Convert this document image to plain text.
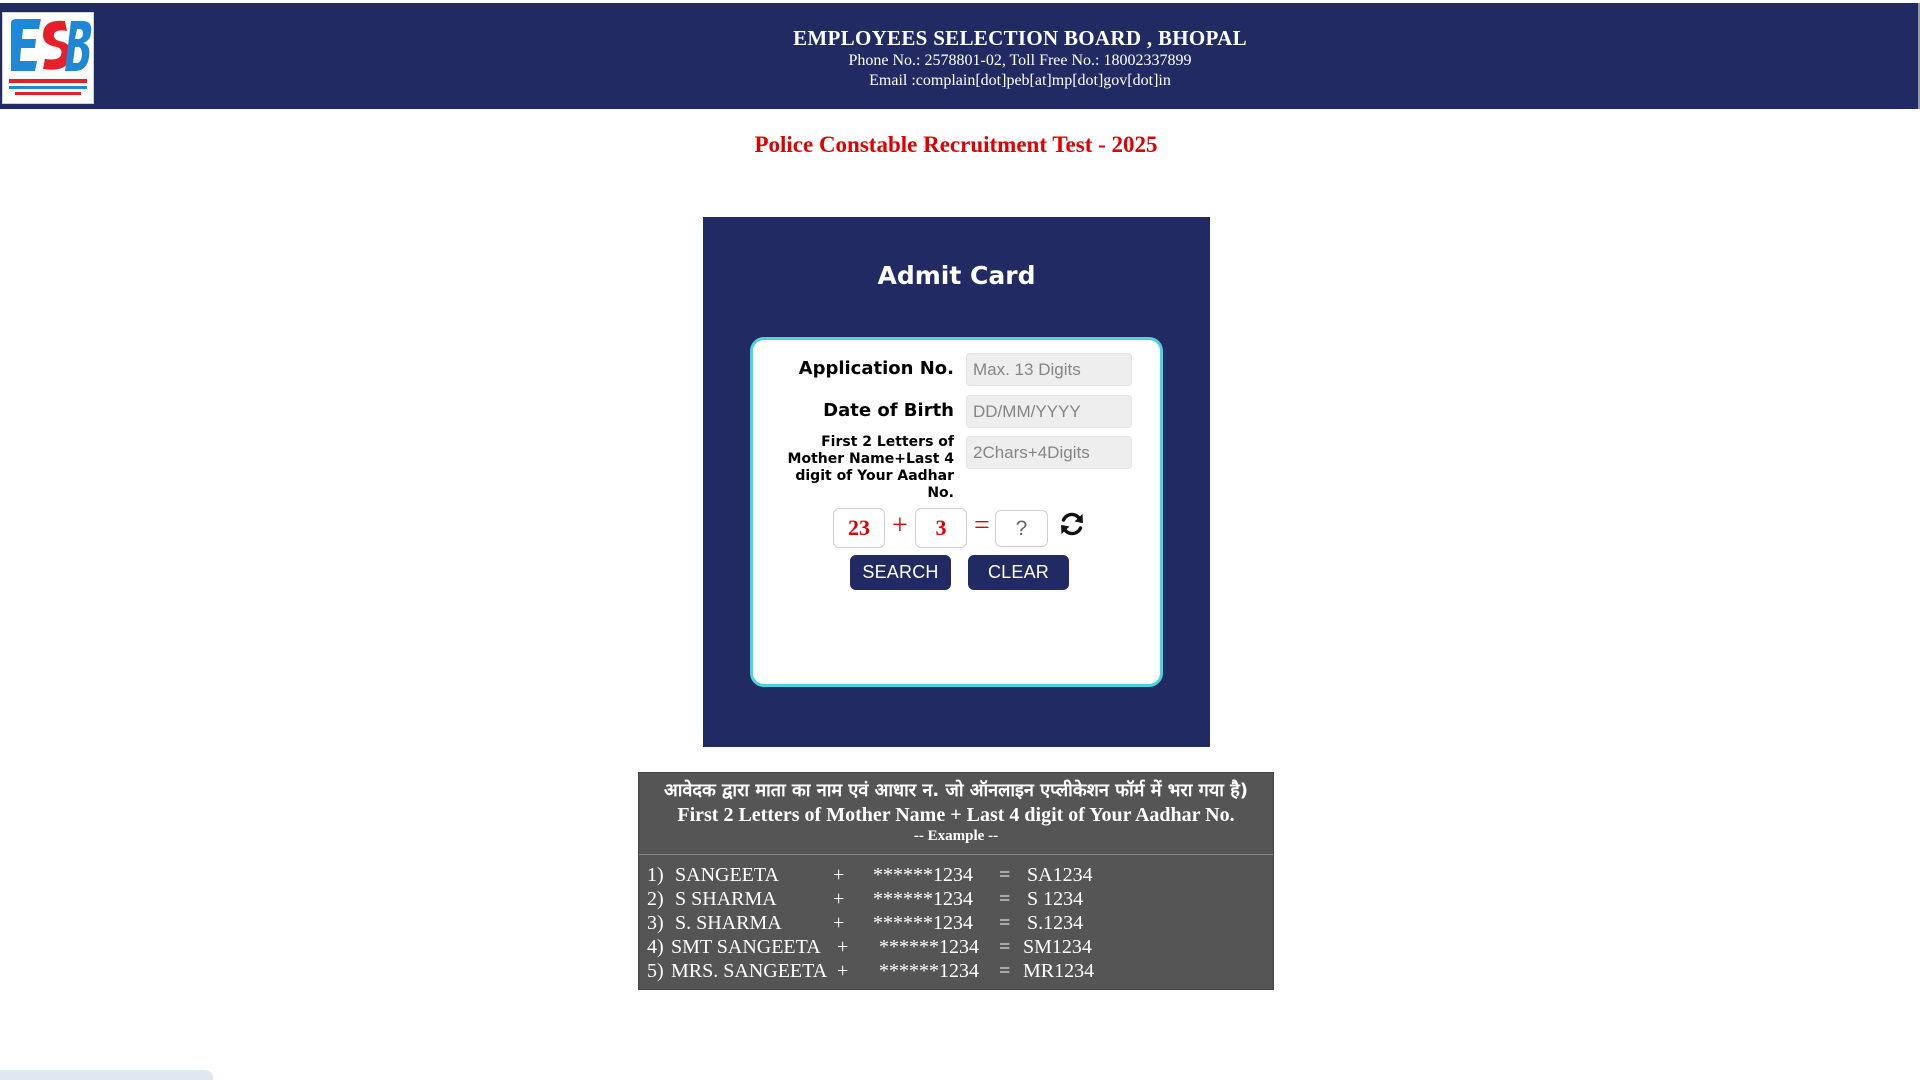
EMPLOYEES SELECTION BOARD , BHOPAL
Phone No.: 2578801-02, Toll Free No.: 18002337899
Email :complain[dot]peb[at]mp[dot]gov[dot]in
Police Constable Recruitment Test - 2025
Admit Card
Application No.
Max. 13 Digits
Date of Birth
DD/MM/YYYY
First 2 Letters of Mother Name+Last 4 digit of Your Aadhar No.
2Chars+4Digits
23 +	3 =
?
SEARCH	CLEAR
आवेदक द्वारा माता का नाम एवं आधार न. जो ऑनलाइन एप्लीकेशन फॉर्म में भरा गया है)
First 2 Letters of Mother Name + Last 4 digit of Your Aadhar No.
-- Example --
1) SANGEETA	+ ******1234 = SA1234
2) S SHARMA	+ ******1234 = S 1234
3) S. SHARMA	+ ******1234 = S.1234
4) SMT SANGEETA + ******1234 = SM1234
5) MRS. SANGEETA + ******1234 = MR1234
